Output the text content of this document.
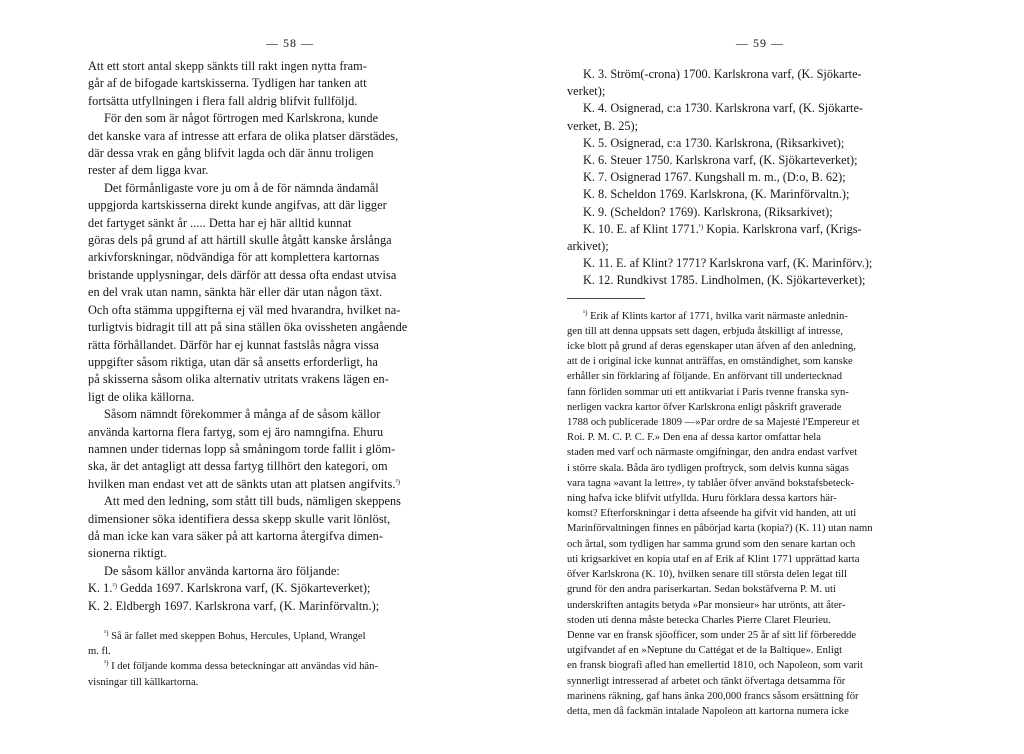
— 58 —
Att ett stort antal skepp sänkts till rakt ingen nytta fram-
går af de bifogade kartskisserna. Tydligen har tanken att
fortsätta utfyllningen i flera fall aldrig blifvit fullföljd.
För den som är något förtrogen med Karlskrona, kunde
det kanske vara af intresse att erfara de olika platser därstädes,
där dessa vrak en gång blifvit lagda och där ännu troligen
rester af dem ligga kvar.
Det förmånligaste vore ju om å de för nämnda ändamål
uppgjorda kartskisserna direkt kunde angifvas, att där ligger
det fartyget sänkt år ..... Detta har ej här alltid kunnat
göras dels på grund af att härtill skulle åtgått kanske årslånga
arkivforskningar, nödvändiga för att komplettera kartornas
bristande upplysningar, dels därför att dessa ofta endast utvisa
en del vrak utan namn, sänkta här eller där utan någon täxt.
Och ofta stämma uppgifterna ej väl med hvarandra, hvilket na-
turligtvis bidragit till att på sina ställen öka ovissheten angående
rätta förhållandet. Därför har ej kunnat fastslås några vissa
uppgifter såsom riktiga, utan där så ansetts erforderligt, ha
på skisserna såsom olika alternativ utritats vrakens lägen en-
ligt de olika källorna.
Såsom nämndt förekommer å många af de såsom källor
använda kartorna flera fartyg, som ej äro namngifna. Ehuru
namnen under tidernas lopp så småningom torde fallit i glöm-
ska, är det antagligt att dessa fartyg tillhört den kategori, om
hvilken man endast vet att de sänkts utan att platsen angifvits.$^{^2)}$
Att med den ledning, som stått till buds, nämligen skeppens
dimensioner söka identifiera dessa skepp skulle varit lönlöst,
då man icke kan vara säker på att kartorna återgifva dimen-
sionerna riktigt.
De såsom källor använda kartorna äro följande:
K. 1.$^{^2)}$ Gedda 1697. Karlskrona varf, (K. Sjökarteverket);
K. 2. Eldbergh 1697. Karlskrona varf, (K. Marinförvaltn.);
$^{^1)}$ Så är fallet med skeppen Bohus, Hercules, Upland, Wrangel
m. fl.
$^{^2)}$ I det följande komma dessa beteckningar att användas vid hän-
visningar till källkartorna.
— 59 —
K. 3. Ström(-crona) 1700. Karlskrona varf, (K. Sjökarte-
verket);
K. 4. Osignerad, c:a 1730. Karlskrona varf, (K. Sjökarte-
verket, B. 25);
K. 5. Osignerad, c:a 1730. Karlskrona, (Riksarkivet);
K. 6. Steuer 1750. Karlskrona varf, (K. Sjökarteverket);
K. 7. Osignerad 1767. Kungshall m. m., (D:o, B. 62);
K. 8. Scheldon 1769. Karlskrona, (K. Marinförvaltn.);
K. 9. (Scheldon? 1769). Karlskrona, (Riksarkivet);
K. 10. E. af Klint 1771.$^{^1)}$ Kopia. Karlskrona varf, (Krigs-
arkivet);
K. 11. E. af Klint? 1771? Karlskrona varf, (K. Marinförv.);
K. 12. Rundkivst 1785. Lindholmen, (K. Sjökarteverket);
$^{^1)}$ Erik af Klints kartor af 1771, hvilka varit närmaste anlednin-
gen till att denna uppsats sett dagen, erbjuda åtskilligt af intresse,
icke blott på grund af deras egenskaper utan äfven af den anledning,
att de i original icke kunnat anträffas, en omständighet, som kanske
erhåller sin förklaring af följande. En anförvant till undertecknad
fann förliden sommar uti ett antikvariat i Paris tvenne franska syn-
nerligen vackra kartor öfver Karlskrona enligt påskrift graverade
1788 och publicerade 1809 —»Par ordre de sa Majesté l'Empereur et
Roi. P. M. C. P. C. F.» Den ena af dessa kartor omfattar hela
staden med varf och närmaste omgifningar, den andra endast varfvet
i större skala. Båda äro tydligen proftryck, som delvis kunna sägas
vara tagna »avant la lettre», ty tablåer öfver använd bokstafsbeteck-
ning hafva icke blifvit utfyllda. Huru förklara dessa kartors här-
komst? Efterforskningar i detta afseende ha gifvit vid handen, att uti
Marinförvaltningen finnes en påbörjad karta (kopia?) (K. 11) utan namn
och årtal, som tydligen har samma grund som den senare kartan och
uti krigsarkivet en kopia utaf en af Erik af Klint 1771 upprättad karta
öfver Karlskrona (K. 10), hvilken senare till största delen legat till
grund för den andra pariserkartan. Sedan bokstäfverna P. M. uti
underskriften antagits betyda »Par monsieur» har utrönts, att åter-
stoden uti denna måste betecka Charles Pierre Claret Fleurieu.
Denne var en fransk sjöofficer, som under 25 år af sitt lif förberedde
utgifvandet af en »Neptune du Cattégat et de la Baltique». Enligt
en fransk biografi afled han emellertid 1810, och Napoleon, som varit
synnerligt intresserad af arbetet och tänkt öfvertaga detsamma för
marinens räkning, gaf hans änka 200,000 francs såsom ersättning för
detta, men då fackmän intalade Napoleon att kartorna numera icke
